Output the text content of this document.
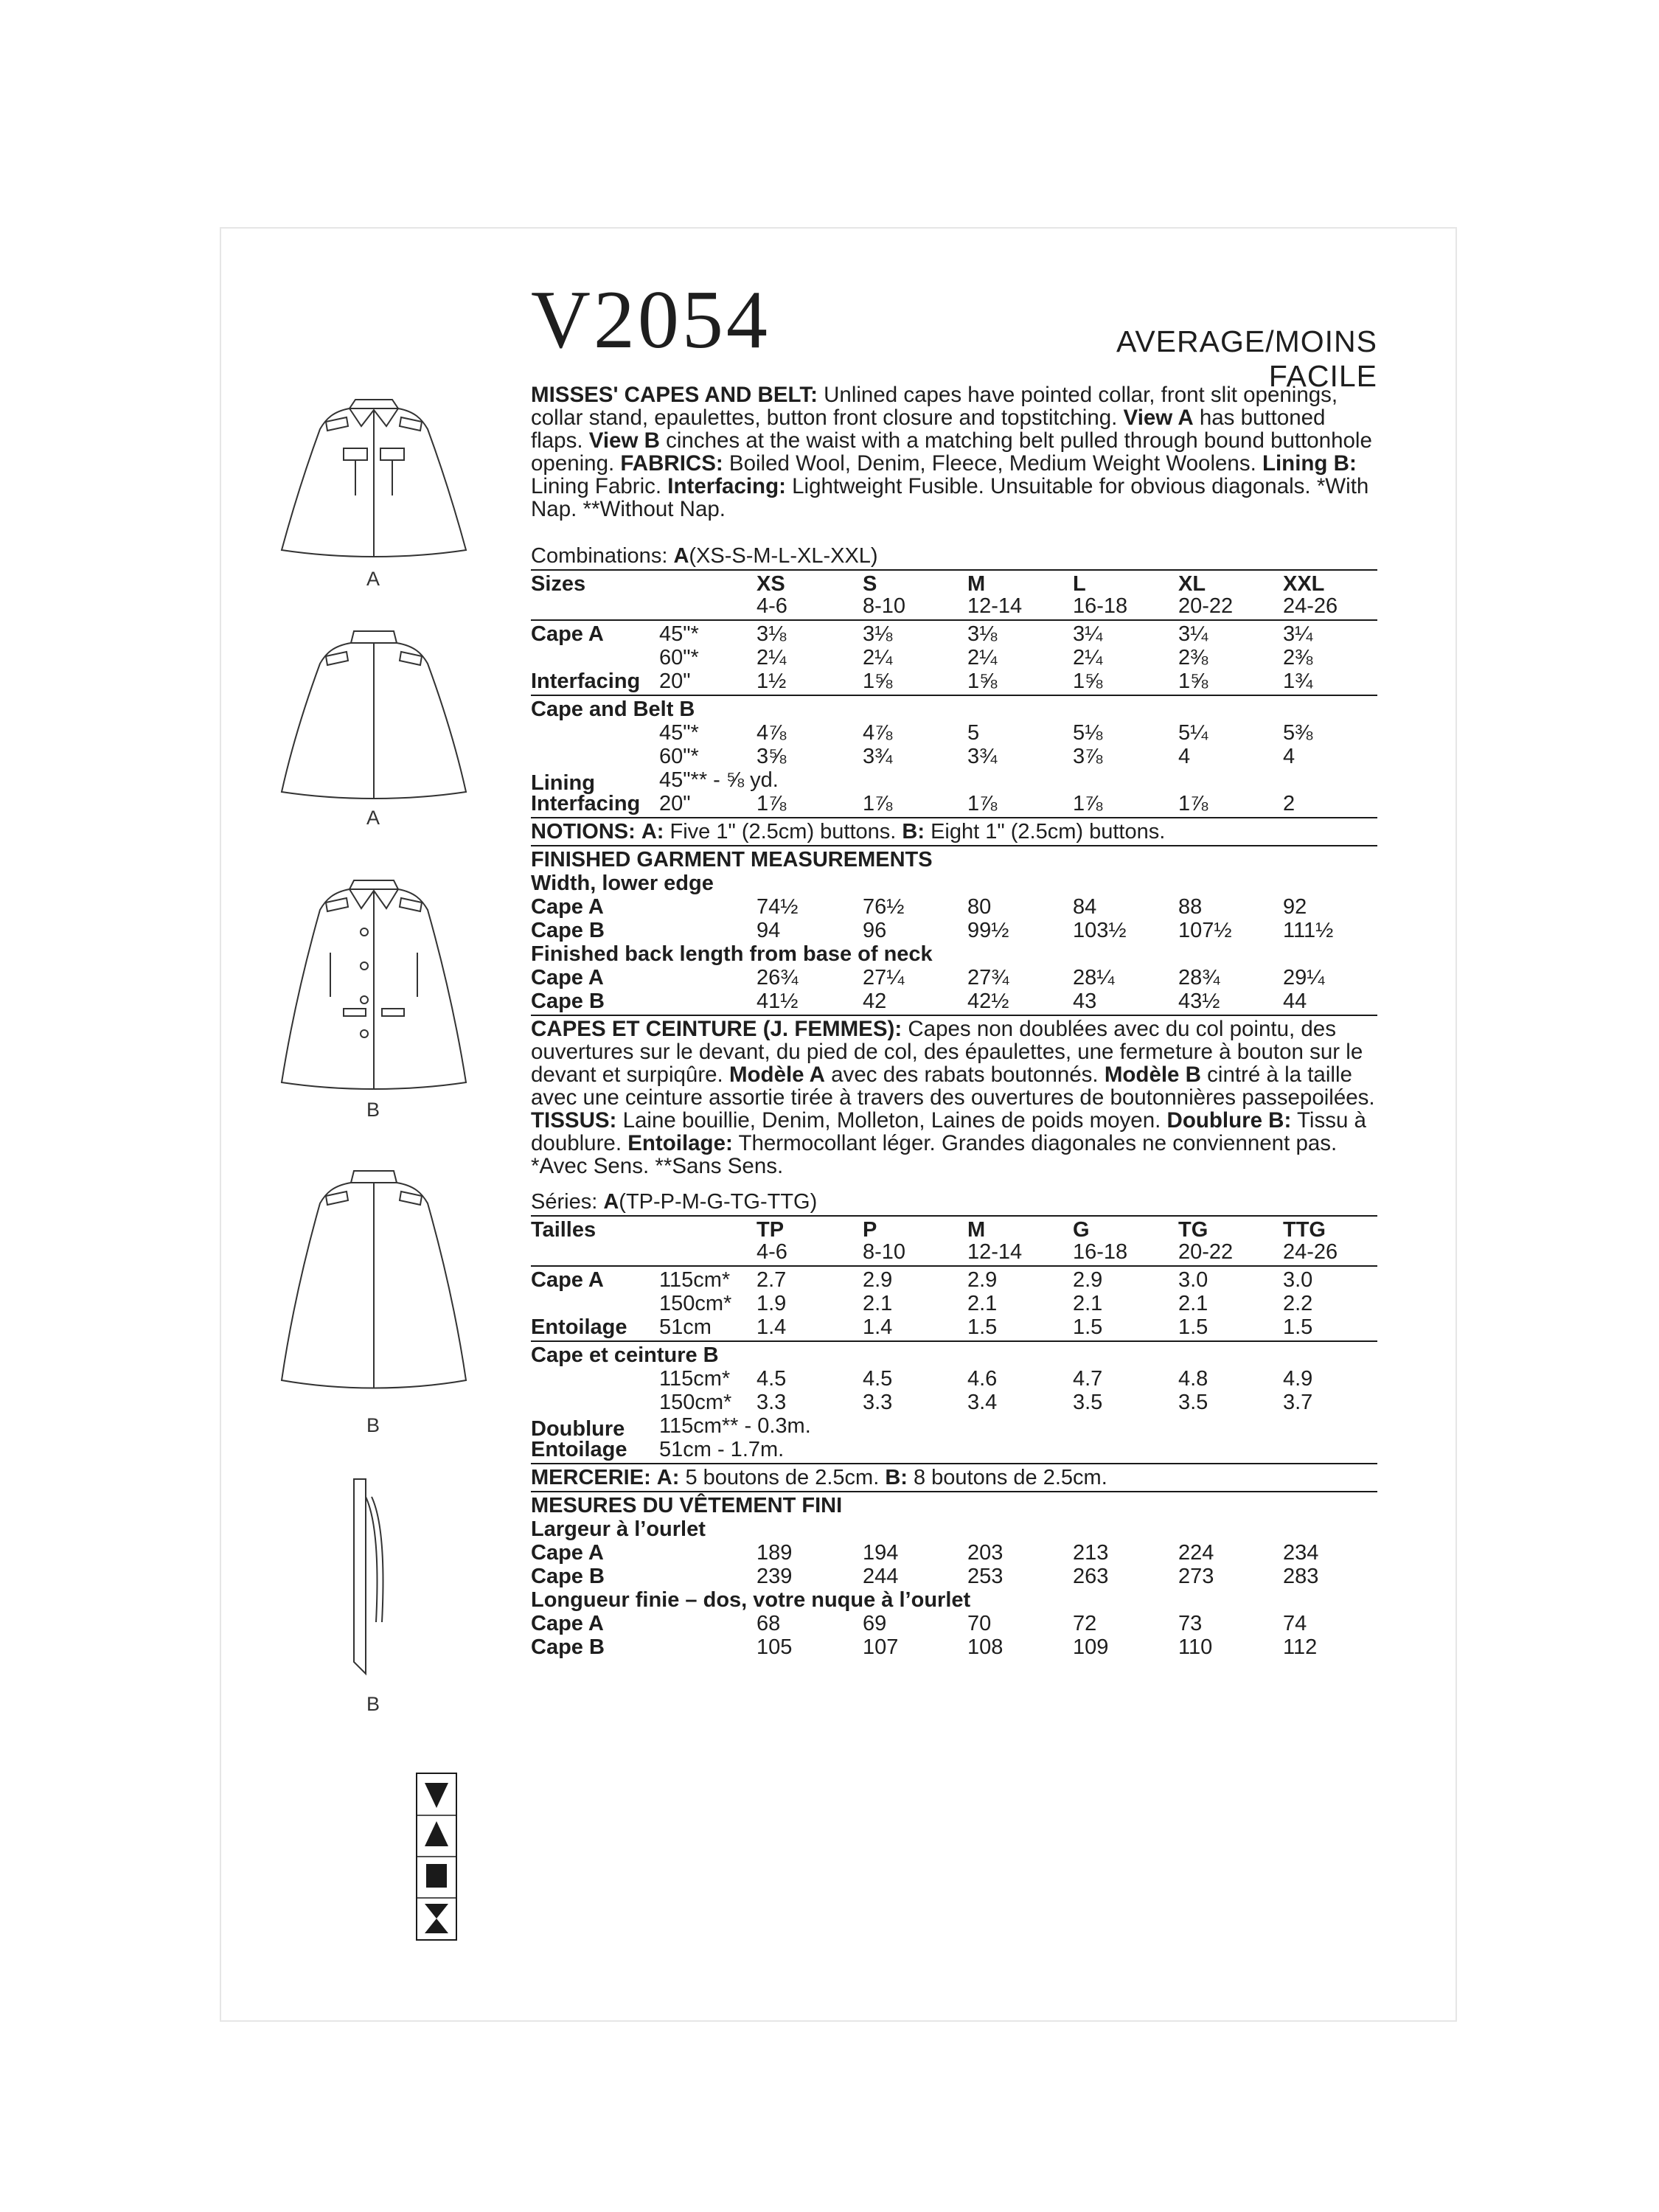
V2054	AVERAGE/MOINS FACILE

MISSES' CAPES AND BELT: Unlined capes have pointed collar, front slit openings, collar stand, epaulettes, button front closure and topstitching. View A has buttoned flaps. View B cinches at the waist with a matching belt pulled through bound buttonhole opening. FABRICS: Boiled Wool, Denim, Fleece, Medium Weight Woolens. Lining B: Lining Fabric. Interfacing: Lightweight Fusible. Unsuitable for obvious diagonals. *With Nap. **Without Nap.

Combinations: A(XS-S-M-L-XL-XXL)
Sizes	XS	S	M	L	XL	XXL
4-6	8-10	12-14 16-18 20-22 24-26
Cape A	45"*	3⅛	3⅛	3⅛	3¼	3¼	3¼
60"*	2¼	2¼	2¼	2¼	2⅜	2⅜
Interfacing 20"	1½	1⅝	1⅝	1⅝	1⅝	1¾
Cape and Belt B
45"*	4⅞	4⅞	5	5⅛	5¼	5⅜
60"*	3⅝	3¾	3¾	3⅞	4	4
Lining	45"** - ⅝ yd.
Interfacing 20"	1⅞	1⅞	1⅞	1⅞	1⅞	2
NOTIONS: A: Five 1" (2.5cm) buttons. B: Eight 1" (2.5cm) buttons.
FINISHED GARMENT MEASUREMENTS
Width, lower edge
Cape A	74½	76½	80	84	88	92
Cape B	94	96	99½	103½ 107½ 111½
Finished back length from base of neck
Cape A	26¾	27¼	27¾	28¼	28¾	29¼
Cape B	41½	42	42½	43	43½	44

CAPES ET CEINTURE (J. FEMMES): Capes non doublées avec du col pointu, des ouvertures sur le devant, du pied de col, des épaulettes, une fermeture à bouton sur le devant et surpiqûre. Modèle A avec des rabats boutonnés. Modèle B cintré à la taille avec une ceinture assortie tirée à travers des ouvertures de boutonnières passepoilées. TISSUS: Laine bouillie, Denim, Molleton, Laines de poids moyen. Doublure B: Tissu à doublure. Entoilage: Thermocollant léger. Grandes diagonales ne conviennent pas. *Avec Sens. **Sans Sens.

Séries: A(TP-P-M-G-TG-TTG)
Tailles	TP	P	M	G	TG	TTG
4-6	8-10	12-14 16-18 20-22 24-26
Cape A	115cm* 2.7	2.9	2.9	2.9	3.0	3.0
150cm* 1.9	2.1	2.1	2.1	2.1	2.2
Entoilage 51cm 1.4	1.4	1.5	1.5	1.5	1.5
Cape et ceinture B
115cm* 4.5	4.5	4.6	4.7	4.8	4.9
150cm* 3.3	3.3	3.4	3.5	3.5	3.7
Doublure 115cm** - 0.3m.
Entoilage 51cm - 1.7m.
MERCERIE: A: 5 boutons de 2.5cm. B: 8 boutons de 2.5cm.
MESURES DU VÊTEMENT FINI
Largeur à l’ourlet
Cape A	189	194	203	213	224	234
Cape B	239	244	253	263	273	283
Longueur finie – dos, votre nuque à l’ourlet
Cape A	68	69	70	72	73	74
Cape B	105	107	108	109	110	112
A
A
B
B
B
